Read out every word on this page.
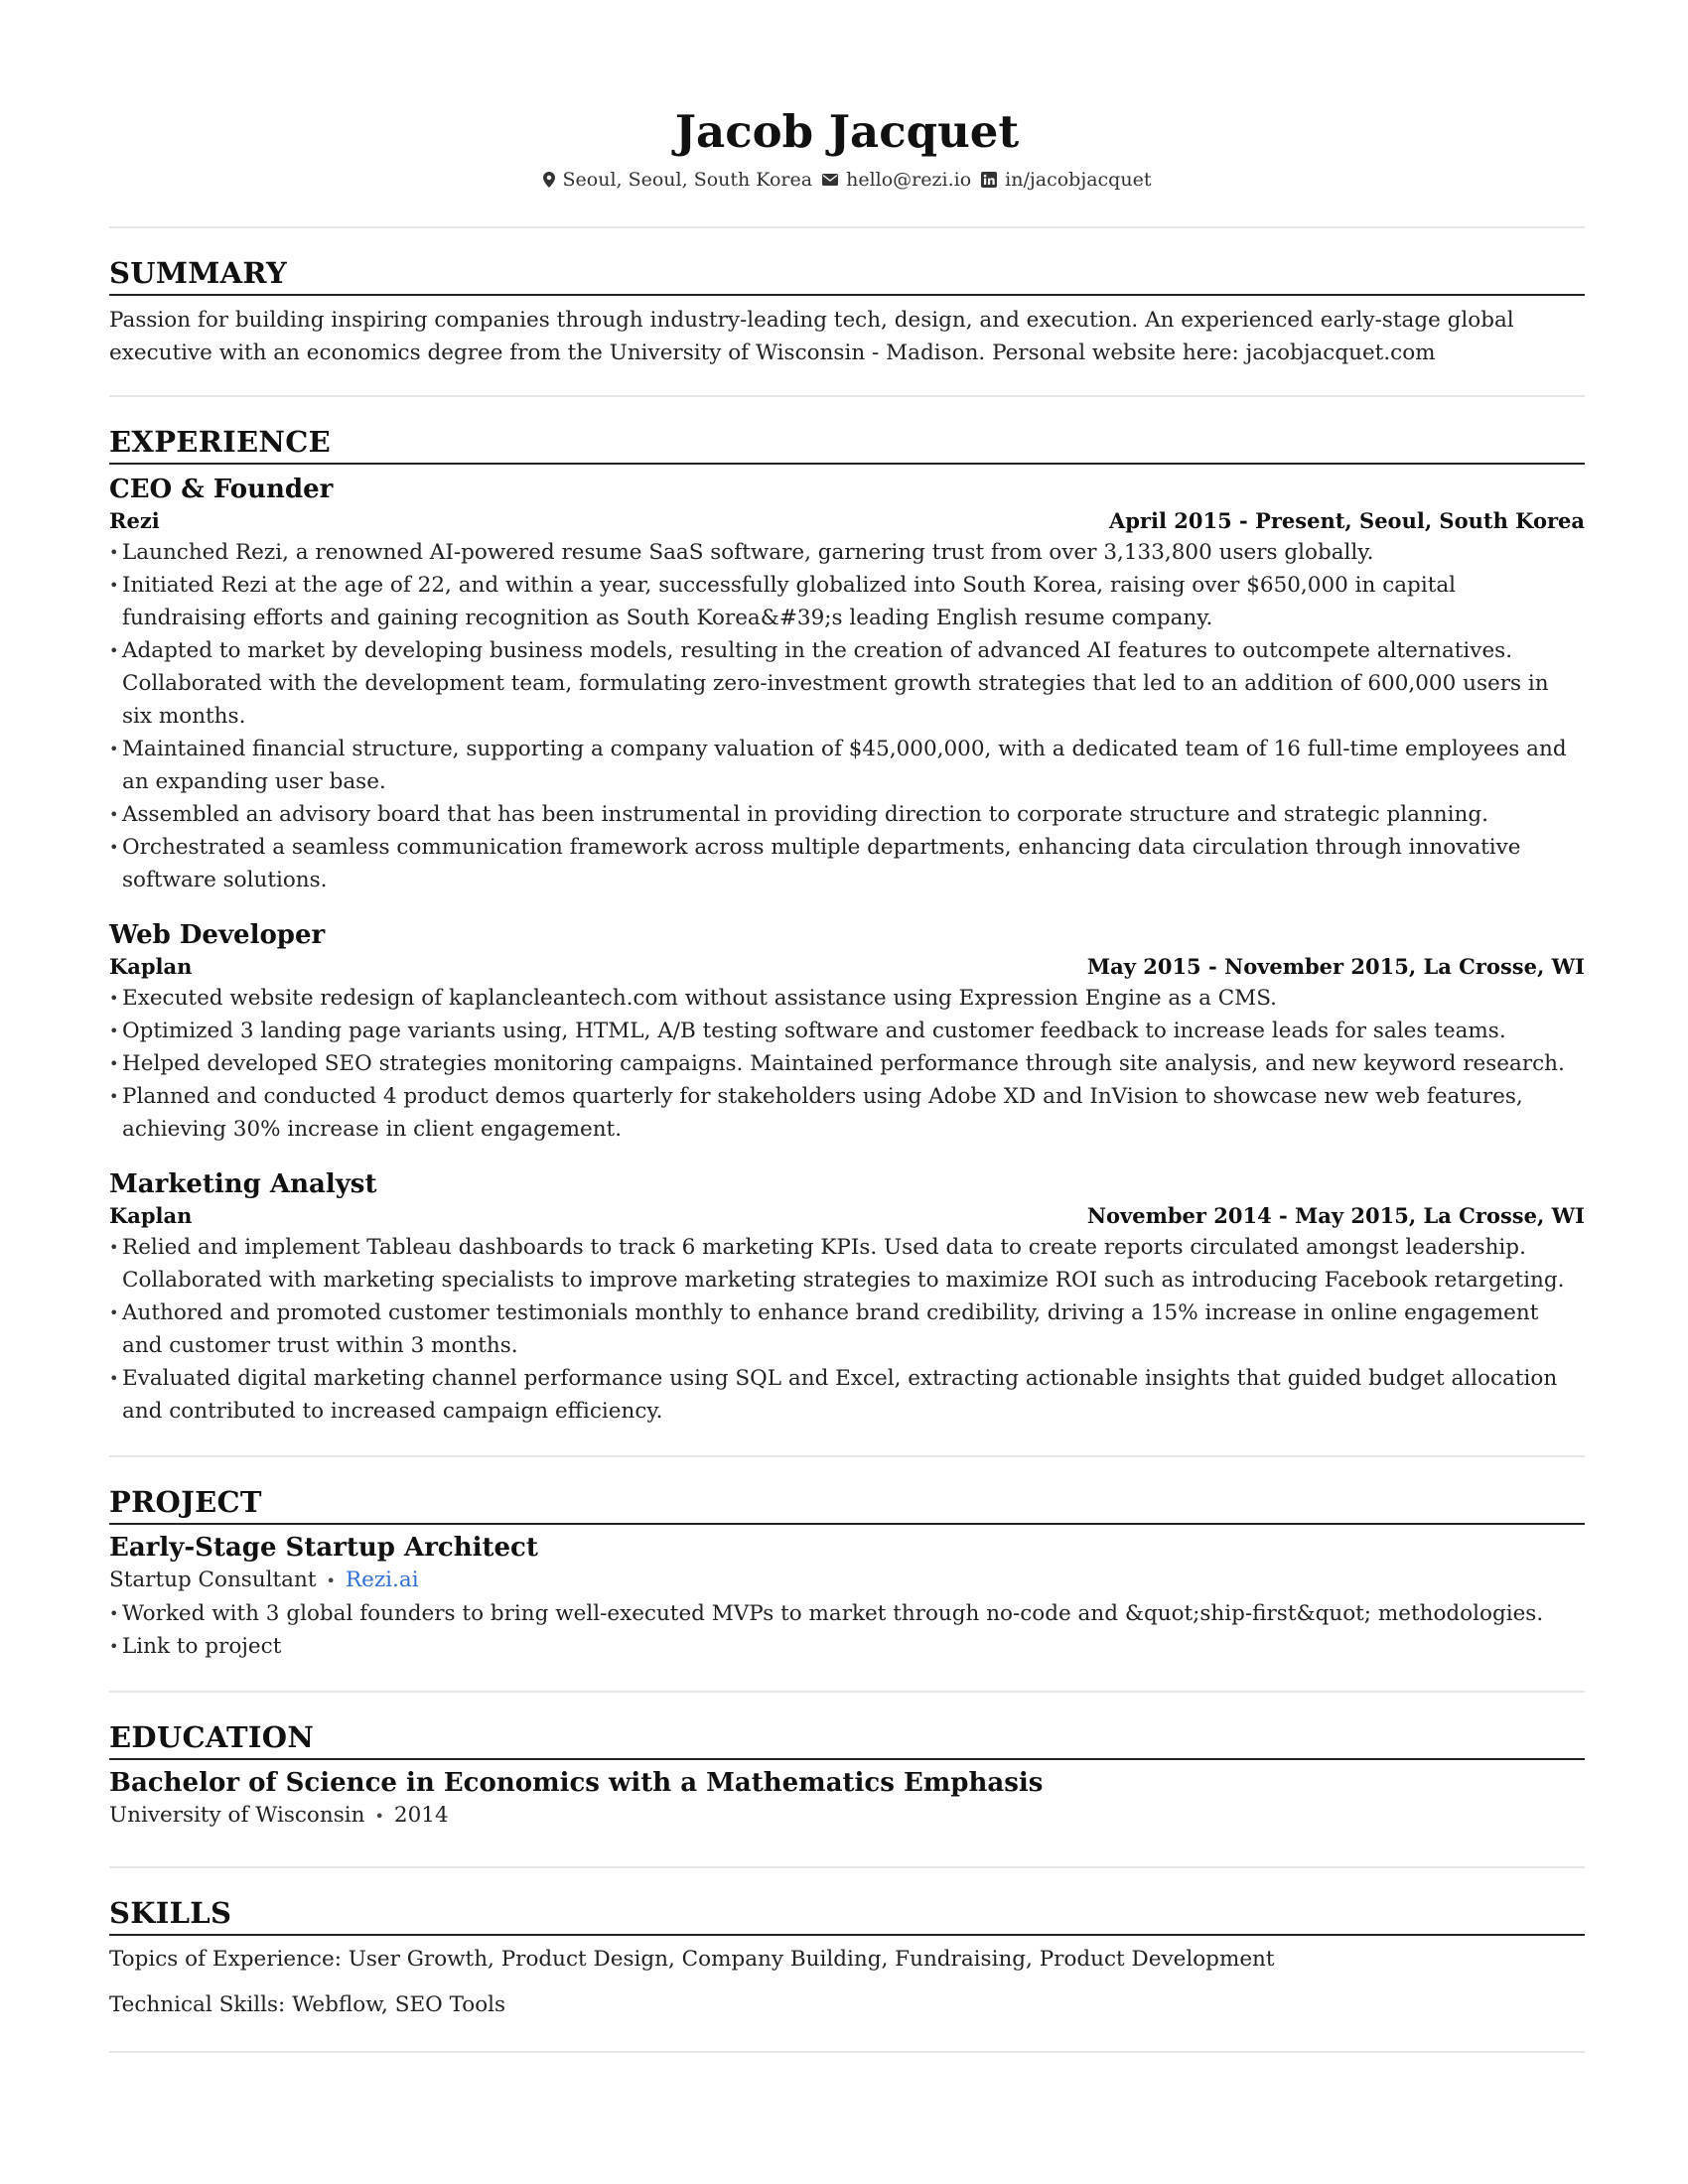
Jacob Jacquet
Seoul, Seoul, South Korea hello@rezi.io in/jacobjacquet
SUMMARY

Passion for building inspiring companies through industry-leading tech, design, and execution. An experienced early-stage global executive with an economics degree from the University of Wisconsin - Madison. Personal website here: jacobjacquet.com

EXPERIENCE
CEO & Founder
Rezi	April 2015 - Present, Seoul, South Korea
• Launched Rezi, a renowned AI-powered resume SaaS software, garnering trust from over 3,133,800 users globally.
• Initiated Rezi at the age of 22, and within a year, successfully globalized into South Korea, raising over $650,000 in capital fundraising efforts and gaining recognition as South Korea&#39;s leading English resume company.
• Adapted to market by developing business models, resulting in the creation of advanced AI features to outcompete alternatives. Collaborated with the development team, formulating zero-investment growth strategies that led to an addition of 600,000 users in six months.
• Maintained financial structure, supporting a company valuation of $45,000,000, with a dedicated team of 16 full-time employees and an expanding user base.
• Assembled an advisory board that has been instrumental in providing direction to corporate structure and strategic planning.
• Orchestrated a seamless communication framework across multiple departments, enhancing data circulation through innovative software solutions.
Web Developer
Kaplan	May 2015 - November 2015, La Crosse, WI
• Executed website redesign of kaplancleantech.com without assistance using Expression Engine as a CMS.
• Optimized 3 landing page variants using, HTML, A/B testing software and customer feedback to increase leads for sales teams.
• Helped developed SEO strategies monitoring campaigns. Maintained performance through site analysis, and new keyword research.
• Planned and conducted 4 product demos quarterly for stakeholders using Adobe XD and InVision to showcase new web features, achieving 30% increase in client engagement.
Marketing Analyst
Kaplan	November 2014 - May 2015, La Crosse, WI
• Relied and implement Tableau dashboards to track 6 marketing KPIs. Used data to create reports circulated amongst leadership. Collaborated with marketing specialists to improve marketing strategies to maximize ROI such as introducing Facebook retargeting.
• Authored and promoted customer testimonials monthly to enhance brand credibility, driving a 15% increase in online engagement and customer trust within 3 months.
• Evaluated digital marketing channel performance using SQL and Excel, extracting actionable insights that guided budget allocation and contributed to increased campaign efficiency.
PROJECT
Early-Stage Startup Architect
Startup Consultant • Rezi.ai
• Worked with 3 global founders to bring well-executed MVPs to market through no-code and &quot;ship-first&quot; methodologies.
• Link to project
EDUCATION
Bachelor of Science in Economics with a Mathematics Emphasis
University of Wisconsin • 2014
SKILLS
Topics of Experience: User Growth, Product Design, Company Building, Fundraising, Product Development
Technical Skills: Webflow, SEO Tools
